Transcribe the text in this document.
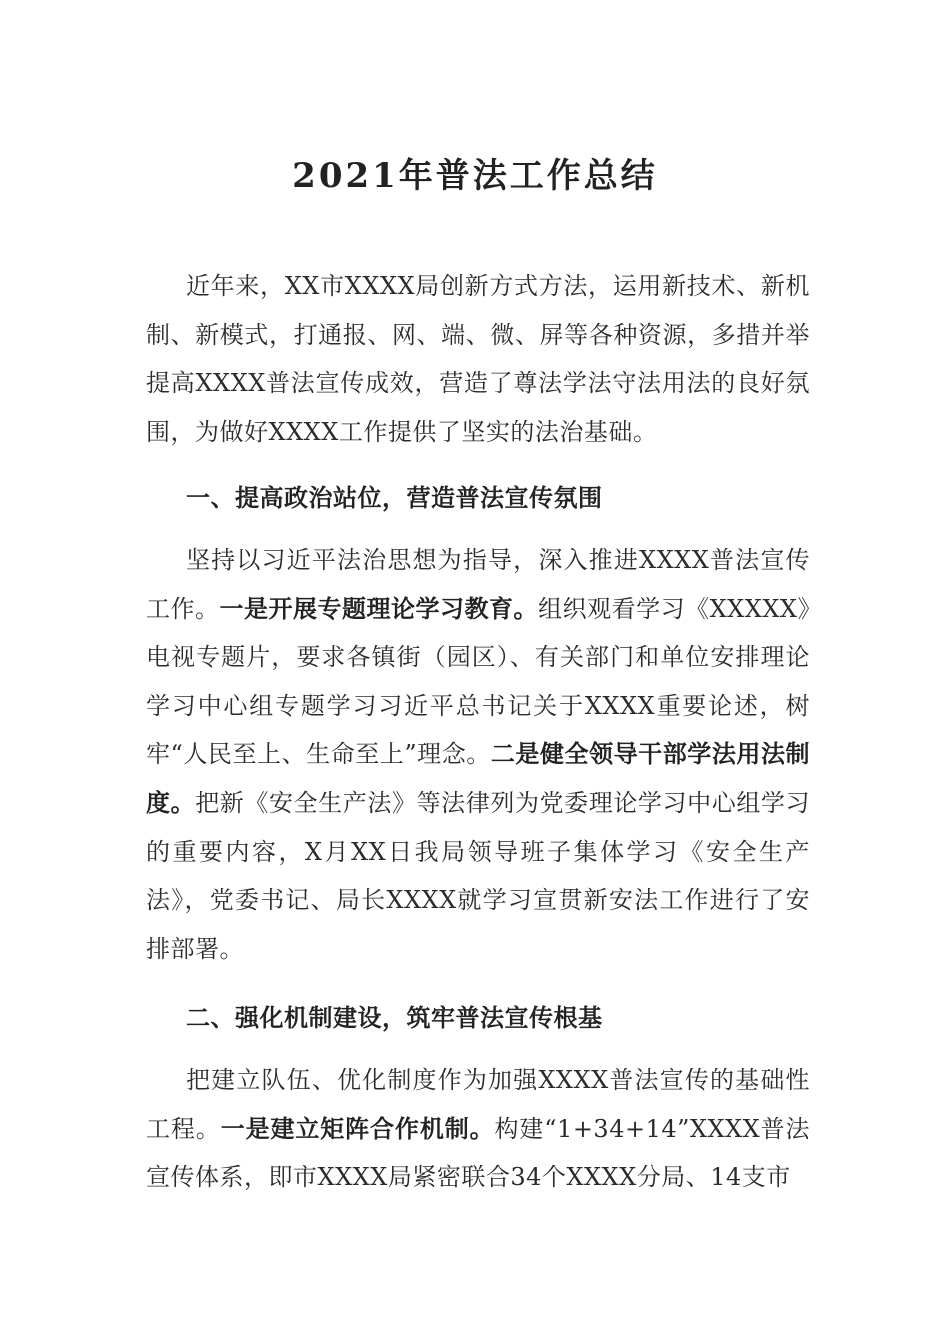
2021年普法工作总结

近年来，XX市XXXX局创新方式方法，运用新技术、新机制、新模式，打通报、网、端、微、屏等各种资源，多措并举提高XXXX普法宣传成效，营造了尊法学法守法用法的良好氛围，为做好XXXX工作提供了坚实的法治基础。

一、提高政治站位，营造普法宣传氛围

坚持以习近平法治思想为指导，深入推进XXXX普法宣传工作。一是开展专题理论学习教育。组织观看学习《XXXXX》电视专题片，要求各镇街（园区）、有关部门和单位安排理论学习中心组专题学习习近平总书记关于XXXX重要论述，树牢“人民至上、生命至上”理念。二是健全领导干部学法用法制度。把新《安全生产法》等法律列为党委理论学习中心组学习的重要内容，X月XX日我局领导班子集体学习《安全生产法》，党委书记、局长XXXX就学习宣贯新安法工作进行了安排部署。

二、强化机制建设，筑牢普法宣传根基

把建立队伍、优化制度作为加强XXXX普法宣传的基础性工程。一是建立矩阵合作机制。构建“1+34+14”XXXX普法宣传体系，即市XXXX局紧密联合34个XXXX分局、14支市
